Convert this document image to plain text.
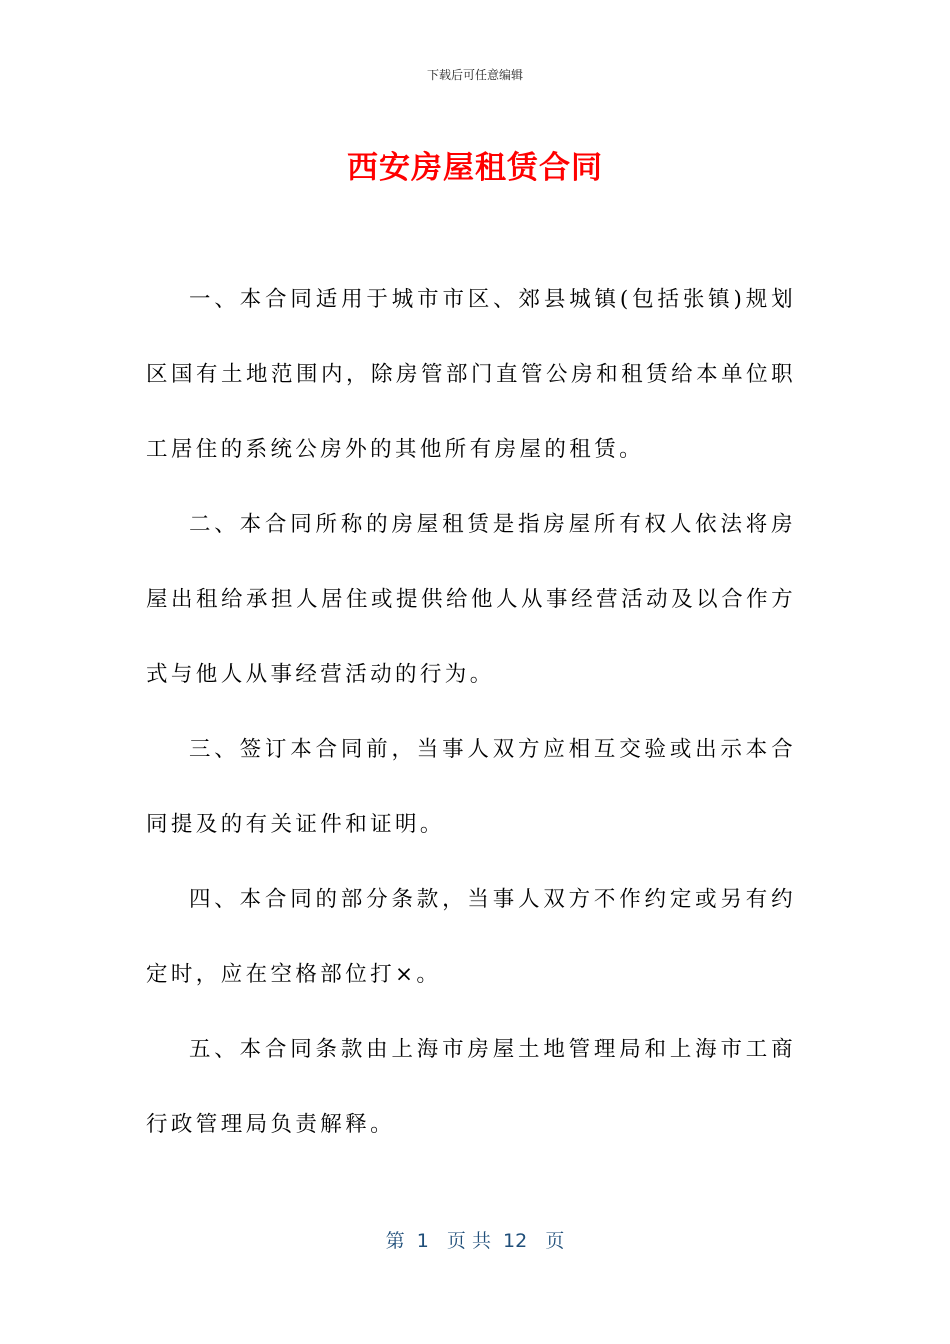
下载后可任意编辑
西安房屋租赁合同

一、本合同适用于城市市区、郊县城镇(包括张镇)规划区国有土地范围内，除房管部门直管公房和租赁给本单位职工居住的系统公房外的其他所有房屋的租赁。

二、本合同所称的房屋租赁是指房屋所有权人依法将房屋出租给承担人居住或提供给他人从事经营活动及以合作方式与他人从事经营活动的行为。

三、签订本合同前，当事人双方应相互交验或出示本合同提及的有关证件和证明。

四、本合同的部分条款，当事人双方不作约定或另有约定时，应在空格部位打×。

五、本合同条款由上海市房屋土地管理局和上海市工商行政管理局负责解释。

第  1   页 共  12   页
